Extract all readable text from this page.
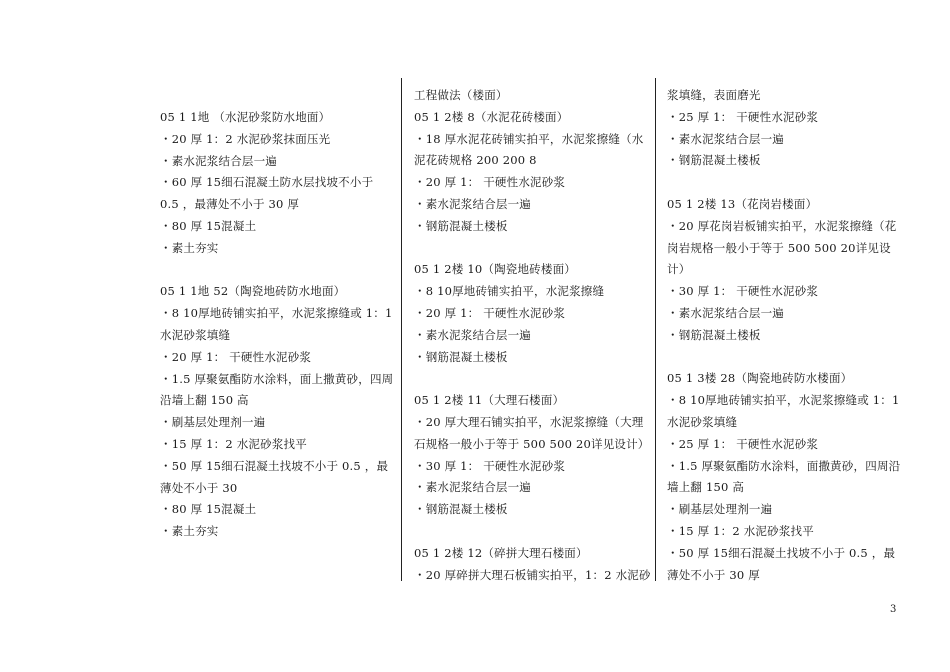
05 1 1地 （水泥砂浆防水地面）
・20 厚 1：2 水泥砂浆抹面压光
・素水泥浆结合层一遍
・60 厚 15细石混凝土防水层找坡不小于
0.5 ，最薄处不小于 30 厚
・80 厚 15混凝土
・素土夯实
05 1 1地 52（陶瓷地砖防水地面）
・8 10厚地砖铺实拍平，水泥浆擦缝或 1：1
水泥砂浆填缝
・20 厚 1： 干硬性水泥砂浆
・1.5 厚聚氨酯防水涂料，面上撒黄砂，四周
沿墙上翻 150 高
・刷基层处理剂一遍
・15 厚 1：2 水泥砂浆找平
・50 厚 15细石混凝土找坡不小于 0.5 ，最
薄处不小于 30
・80 厚 15混凝土
・素土夯实
工程做法（楼面）
05 1 2楼 8（水泥花砖楼面）
・18 厚水泥花砖铺实拍平，水泥浆擦缝（水
泥花砖规格 200 200 8
・20 厚 1： 干硬性水泥砂浆
・素水泥浆结合层一遍
・钢筋混凝土楼板
05 1 2楼 10（陶瓷地砖楼面）
・8 10厚地砖铺实拍平，水泥浆擦缝
・20 厚 1： 干硬性水泥砂浆
・素水泥浆结合层一遍
・钢筋混凝土楼板
05 1 2楼 11（大理石楼面）
・20 厚大理石铺实拍平，水泥浆擦缝（大理
石规格一般小于等于 500 500 20详见设计）
・30 厚 1： 干硬性水泥砂浆
・素水泥浆结合层一遍
・钢筋混凝土楼板
05 1 2楼 12（碎拼大理石楼面）
・20 厚碎拼大理石板铺实拍平，1：2 水泥砂
浆填缝，表面磨光
・25 厚 1： 干硬性水泥砂浆
・素水泥浆结合层一遍
・钢筋混凝土楼板
05 1 2楼 13（花岗岩楼面）
・20 厚花岗岩板铺实拍平，水泥浆擦缝（花
岗岩规格一般小于等于 500 500 20详见设
计）
・30 厚 1： 干硬性水泥砂浆
・素水泥浆结合层一遍
・钢筋混凝土楼板
05 1 3楼 28（陶瓷地砖防水楼面）
・8 10厚地砖铺实拍平，水泥浆擦缝或 1：1
水泥砂浆填缝
・25 厚 1： 干硬性水泥砂浆
・1.5 厚聚氨酯防水涂料，面撒黄砂，四周沿
墙上翻 150 高
・刷基层处理剂一遍
・15 厚 1：2 水泥砂浆找平
・50 厚 15细石混凝土找坡不小于 0.5 ，最
薄处不小于 30 厚
3
